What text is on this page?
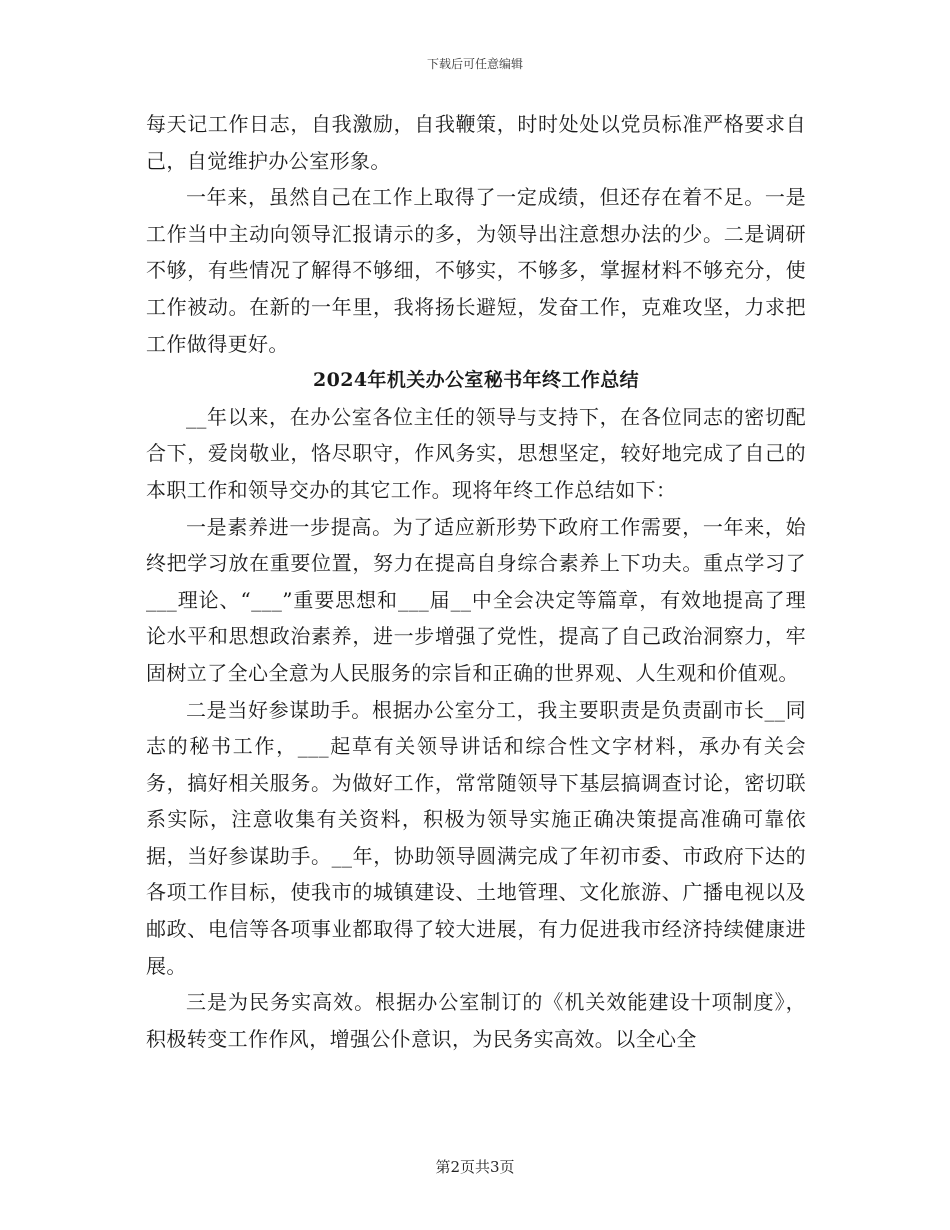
下载后可任意编辑

每天记工作日志，自我激励，自我鞭策，时时处处以党员标准严格要求自己，自觉维护办公室形象。

一年来，虽然自己在工作上取得了一定成绩，但还存在着不足。一是工作当中主动向领导汇报请示的多，为领导出注意想办法的少。二是调研不够，有些情况了解得不够细，不够实，不够多，掌握材料不够充分，使工作被动。在新的一年里，我将扬长避短，发奋工作，克难攻坚，力求把工作做得更好。

2024年机关办公室秘书年终工作总结

__年以来，在办公室各位主任的领导与支持下，在各位同志的密切配合下，爱岗敬业，恪尽职守，作风务实，思想坚定，较好地完成了自己的本职工作和领导交办的其它工作。现将年终工作总结如下：

一是素养进一步提高。为了适应新形势下政府工作需要，一年来，始终把学习放在重要位置，努力在提高自身综合素养上下功夫。重点学习了___理论、“___”重要思想和___届__中全会决定等篇章，有效地提高了理论水平和思想政治素养，进一步增强了党性，提高了自己政治洞察力，牢固树立了全心全意为人民服务的宗旨和正确的世界观、人生观和价值观。

二是当好参谋助手。根据办公室分工，我主要职责是负责副市长__同志的秘书工作，___起草有关领导讲话和综合性文字材料，承办有关会务，搞好相关服务。为做好工作，常常随领导下基层搞调查讨论，密切联系实际，注意收集有关资料，积极为领导实施正确决策提高准确可靠依据，当好参谋助手。__年，协助领导圆满完成了年初市委、市政府下达的各项工作目标，使我市的城镇建设、土地管理、文化旅游、广播电视以及邮政、电信等各项事业都取得了较大进展，有力促进我市经济持续健康进展。

三是为民务实高效。根据办公室制订的《机关效能建设十项制度》，积极转变工作作风，增强公仆意识，为民务实高效。以全心全

第2页共3页
